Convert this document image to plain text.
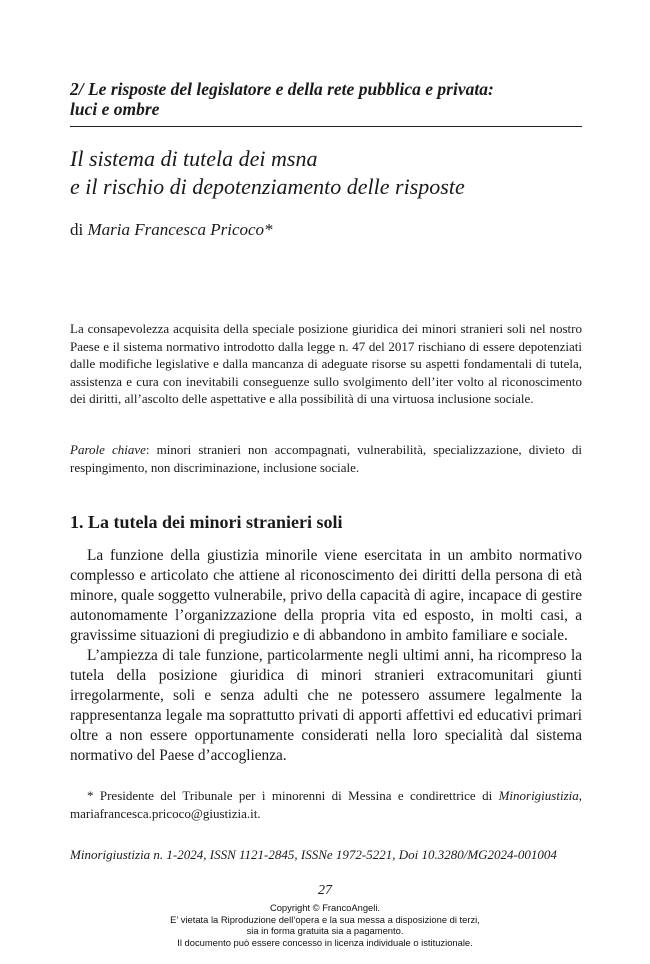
2/ Le risposte del legislatore e della rete pubblica e privata:
luci e ombre
Il sistema di tutela dei msna
e il rischio di depotenziamento delle risposte
di Maria Francesca Pricoco*
La consapevolezza acquisita della speciale posizione giuridica dei minori stranieri soli nel nostro Paese e il sistema normativo introdotto dalla legge n. 47 del 2017 rischiano di essere depotenziati dalle modifiche legislative e dalla mancanza di adeguate risorse su aspetti fondamentali di tutela, assistenza e cura con inevitabili conseguenze sullo svolgimento dell’iter volto al riconoscimento dei diritti, all’ascolto delle aspettative e alla possibilità di una virtuosa inclusione sociale.
Parole chiave: minori stranieri non accompagnati, vulnerabilità, specializzazione, divieto di respingimento, non discriminazione, inclusione sociale.
1. La tutela dei minori stranieri soli

La funzione della giustizia minorile viene esercitata in un ambito normativo complesso e articolato che attiene al riconoscimento dei diritti della persona di età minore, quale soggetto vulnerabile, privo della capacità di agire, incapace di gestire autonomamente l’organizzazione della propria vita ed esposto, in molti casi, a gravissime situazioni di pregiudizio e di abbandono in ambito familiare e sociale.

L’ampiezza di tale funzione, particolarmente negli ultimi anni, ha ricompreso la tutela della posizione giuridica di minori stranieri extracomunitari giunti irregolarmente, soli e senza adulti che ne potessero assumere legalmente la rappresentanza legale ma soprattutto privati di apporti affettivi ed educativi primari oltre a non essere opportunamente considerati nella loro specialità dal sistema normativo del Paese d’accoglienza.

* Presidente del Tribunale per i minorenni di Messina e condirettrice di Minorigiustizia, mariafrancesca.pricoco@giustizia.it.

Minorigiustizia n. 1-2024, ISSN 1121-2845, ISSNe 1972-5221, Doi 10.3280/MG2024-001004
27
Copyright © FrancoAngeli.
E’ vietata la Riproduzione dell’opera e la sua messa a disposizione di terzi,
sia in forma gratuita sia a pagamento.
Il documento può essere concesso in licenza individuale o istituzionale.
